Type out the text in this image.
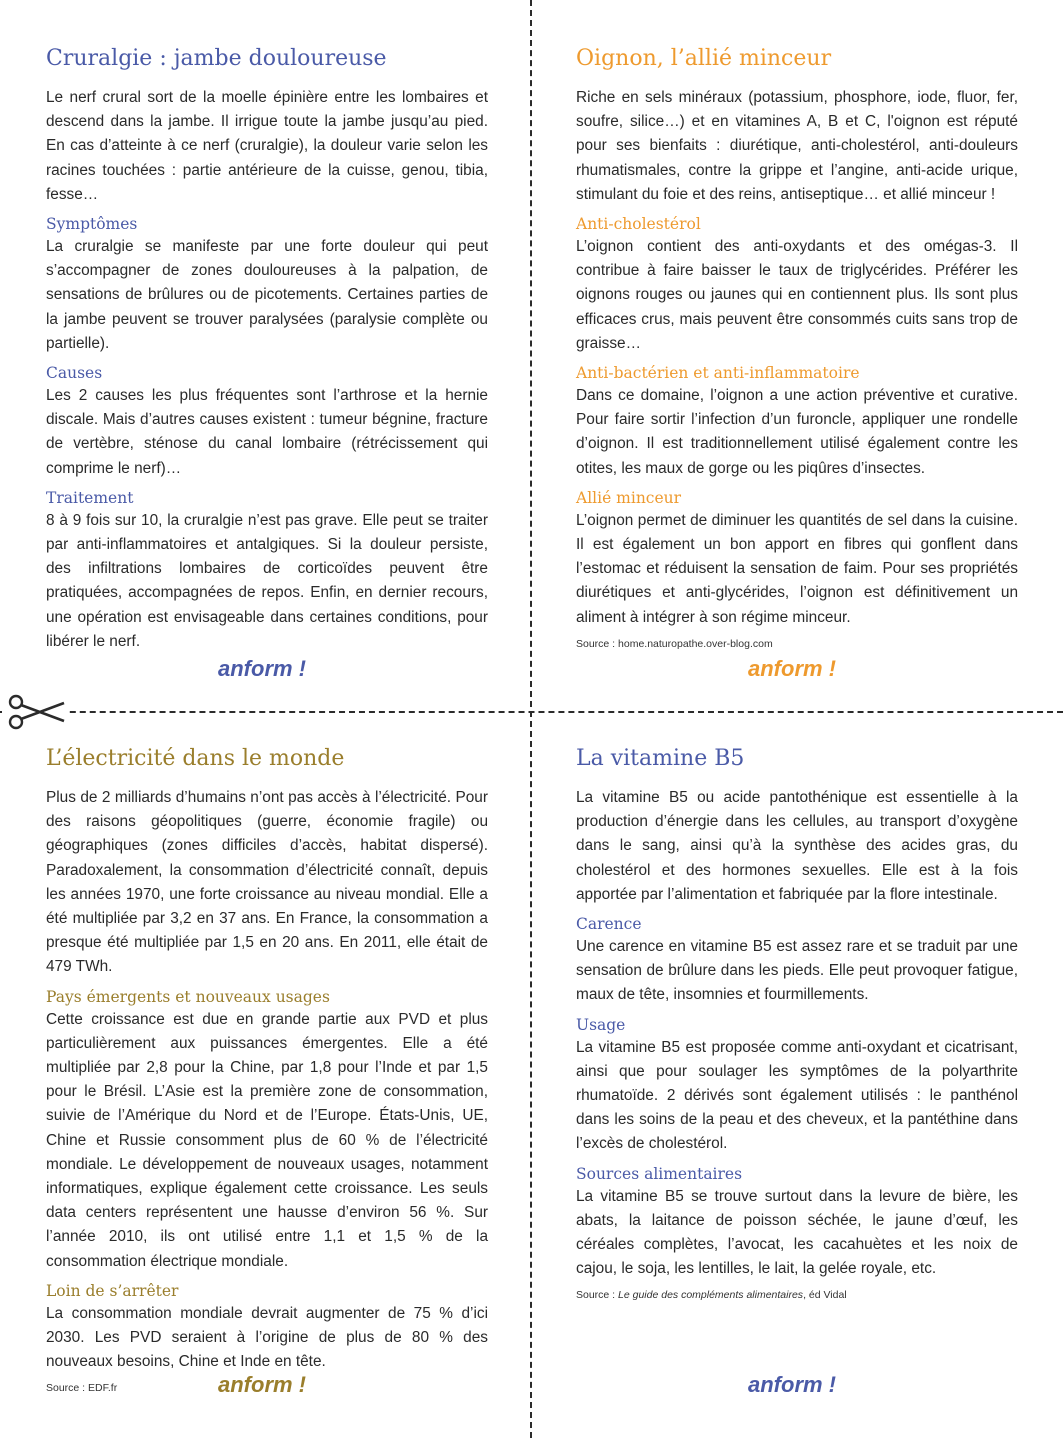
Cruralgie : jambe douloureuse

Le nerf crural sort de la moelle épinière entre les lombaires et descend dans la jambe. Il irrigue toute la jambe jusqu’au pied. En cas d’atteinte à ce nerf (cruralgie), la douleur varie selon les racines touchées : partie antérieure de la cuisse, genou, tibia, fesse…

Symptômes

La cruralgie se manifeste par une forte douleur qui peut s’accompagner de zones douloureuses à la palpation, de sensations de brûlures ou de picotements. Certaines parties de la jambe peuvent se trouver paralysées (paralysie complète ou partielle).

Causes

Les 2 causes les plus fréquentes sont l’arthrose et la hernie discale. Mais d’autres causes existent : tumeur bégnine, fracture de vertèbre, sténose du canal lombaire (rétrécissement qui comprime le nerf)…

Traitement

8 à 9 fois sur 10, la cruralgie n’est pas grave. Elle peut se traiter par anti-inflammatoires et antalgiques. Si la douleur persiste, des infiltrations lombaires de corticoïdes peuvent être pratiquées, accompagnées de repos. Enfin, en dernier recours, une opération est envisageable dans certaines conditions, pour libérer le nerf.

anform !
Oignon, l’allié minceur

Riche en sels minéraux (potassium, phosphore, iode, fluor, fer, soufre, silice…) et en vitamines A, B et C, l'oignon est réputé pour ses bienfaits : diurétique, anti-cholestérol, anti-douleurs rhumatismales, contre la grippe et l’angine, anti-acide urique, stimulant du foie et des reins, antiseptique… et allié minceur !

Anti-cholestérol

L’oignon contient des anti-oxydants et des omégas-3. Il contribue à faire baisser le taux de triglycérides. Préférer les oignons rouges ou jaunes qui en contiennent plus. Ils sont plus efficaces crus, mais peuvent être consommés cuits sans trop de graisse…

Anti-bactérien et anti-inflammatoire

Dans ce domaine, l’oignon a une action préventive et curative. Pour faire sortir l’infection d’un furoncle, appliquer une rondelle d’oignon. Il est traditionnellement utilisé également contre les otites, les maux de gorge ou les piqûres d’insectes.

Allié minceur

L’oignon permet de diminuer les quantités de sel dans la cuisine. Il est également un bon apport en fibres qui gonflent dans l’estomac et réduisent la sensation de faim. Pour ses propriétés diurétiques et anti-glycérides, l’oignon est définitivement un aliment à intégrer à son régime minceur.

Source : home.naturopathe.over-blog.com
anform !
L’électricité dans le monde

Plus de 2 milliards d’humains n’ont pas accès à l’électricité. Pour des raisons géopolitiques (guerre, économie fragile) ou géographiques (zones difficiles d’accès, habitat dispersé). Paradoxalement, la consommation d’électricité connaît, depuis les années 1970, une forte croissance au niveau mondial. Elle a été multipliée par 3,2 en 37 ans. En France, la consommation a presque été multipliée par 1,5 en 20 ans. En 2011, elle était de 479 TWh.

Pays émergents et nouveaux usages

Cette croissance est due en grande partie aux PVD et plus particulièrement aux puissances émergentes. Elle a été multipliée par 2,8 pour la Chine, par 1,8 pour l’Inde et par 1,5 pour le Brésil. L’Asie est la première zone de consommation, suivie de l’Amérique du Nord et de l’Europe. États-Unis, UE, Chine et Russie consomment plus de 60 % de l’électricité mondiale. Le développement de nouveaux usages, notamment informatiques, explique également cette croissance. Les seuls data centers représentent une hausse d’environ 56 %. Sur l’année 2010, ils ont utilisé entre 1,1 et 1,5 % de la consommation électrique mondiale.

Loin de s’arrêter

La consommation mondiale devrait augmenter de 75 % d’ici 2030. Les PVD seraient à l’origine de plus de 80 % des nouveaux besoins, Chine et Inde en tête.

Source : EDF.fr	anform !
La vitamine B5

La vitamine B5 ou acide pantothénique est essentielle à la production d’énergie dans les cellules, au transport d’oxygène dans le sang, ainsi qu’à la synthèse des acides gras, du cholestérol et des hormones sexuelles. Elle est à la fois apportée par l’alimentation et fabriquée par la flore intestinale.

Carence

Une carence en vitamine B5 est assez rare et se traduit par une sensation de brûlure dans les pieds. Elle peut provoquer fatigue, maux de tête, insomnies et fourmillements.

Usage

La vitamine B5 est proposée comme anti-oxydant et cicatrisant, ainsi que pour soulager les symptômes de la polyarthrite rhumatoïde. 2 dérivés sont également utilisés : le panthénol dans les soins de la peau et des cheveux, et la pantéthine dans l’excès de cholestérol.

Sources alimentaires

La vitamine B5 se trouve surtout dans la levure de bière, les abats, la laitance de poisson séchée, le jaune d’œuf, les céréales complètes, l’avocat, les cacahuètes et les noix de cajou, le soja, les lentilles, le lait, la gelée royale, etc.

Source : Le guide des compléments alimentaires, éd Vidal
anform !
